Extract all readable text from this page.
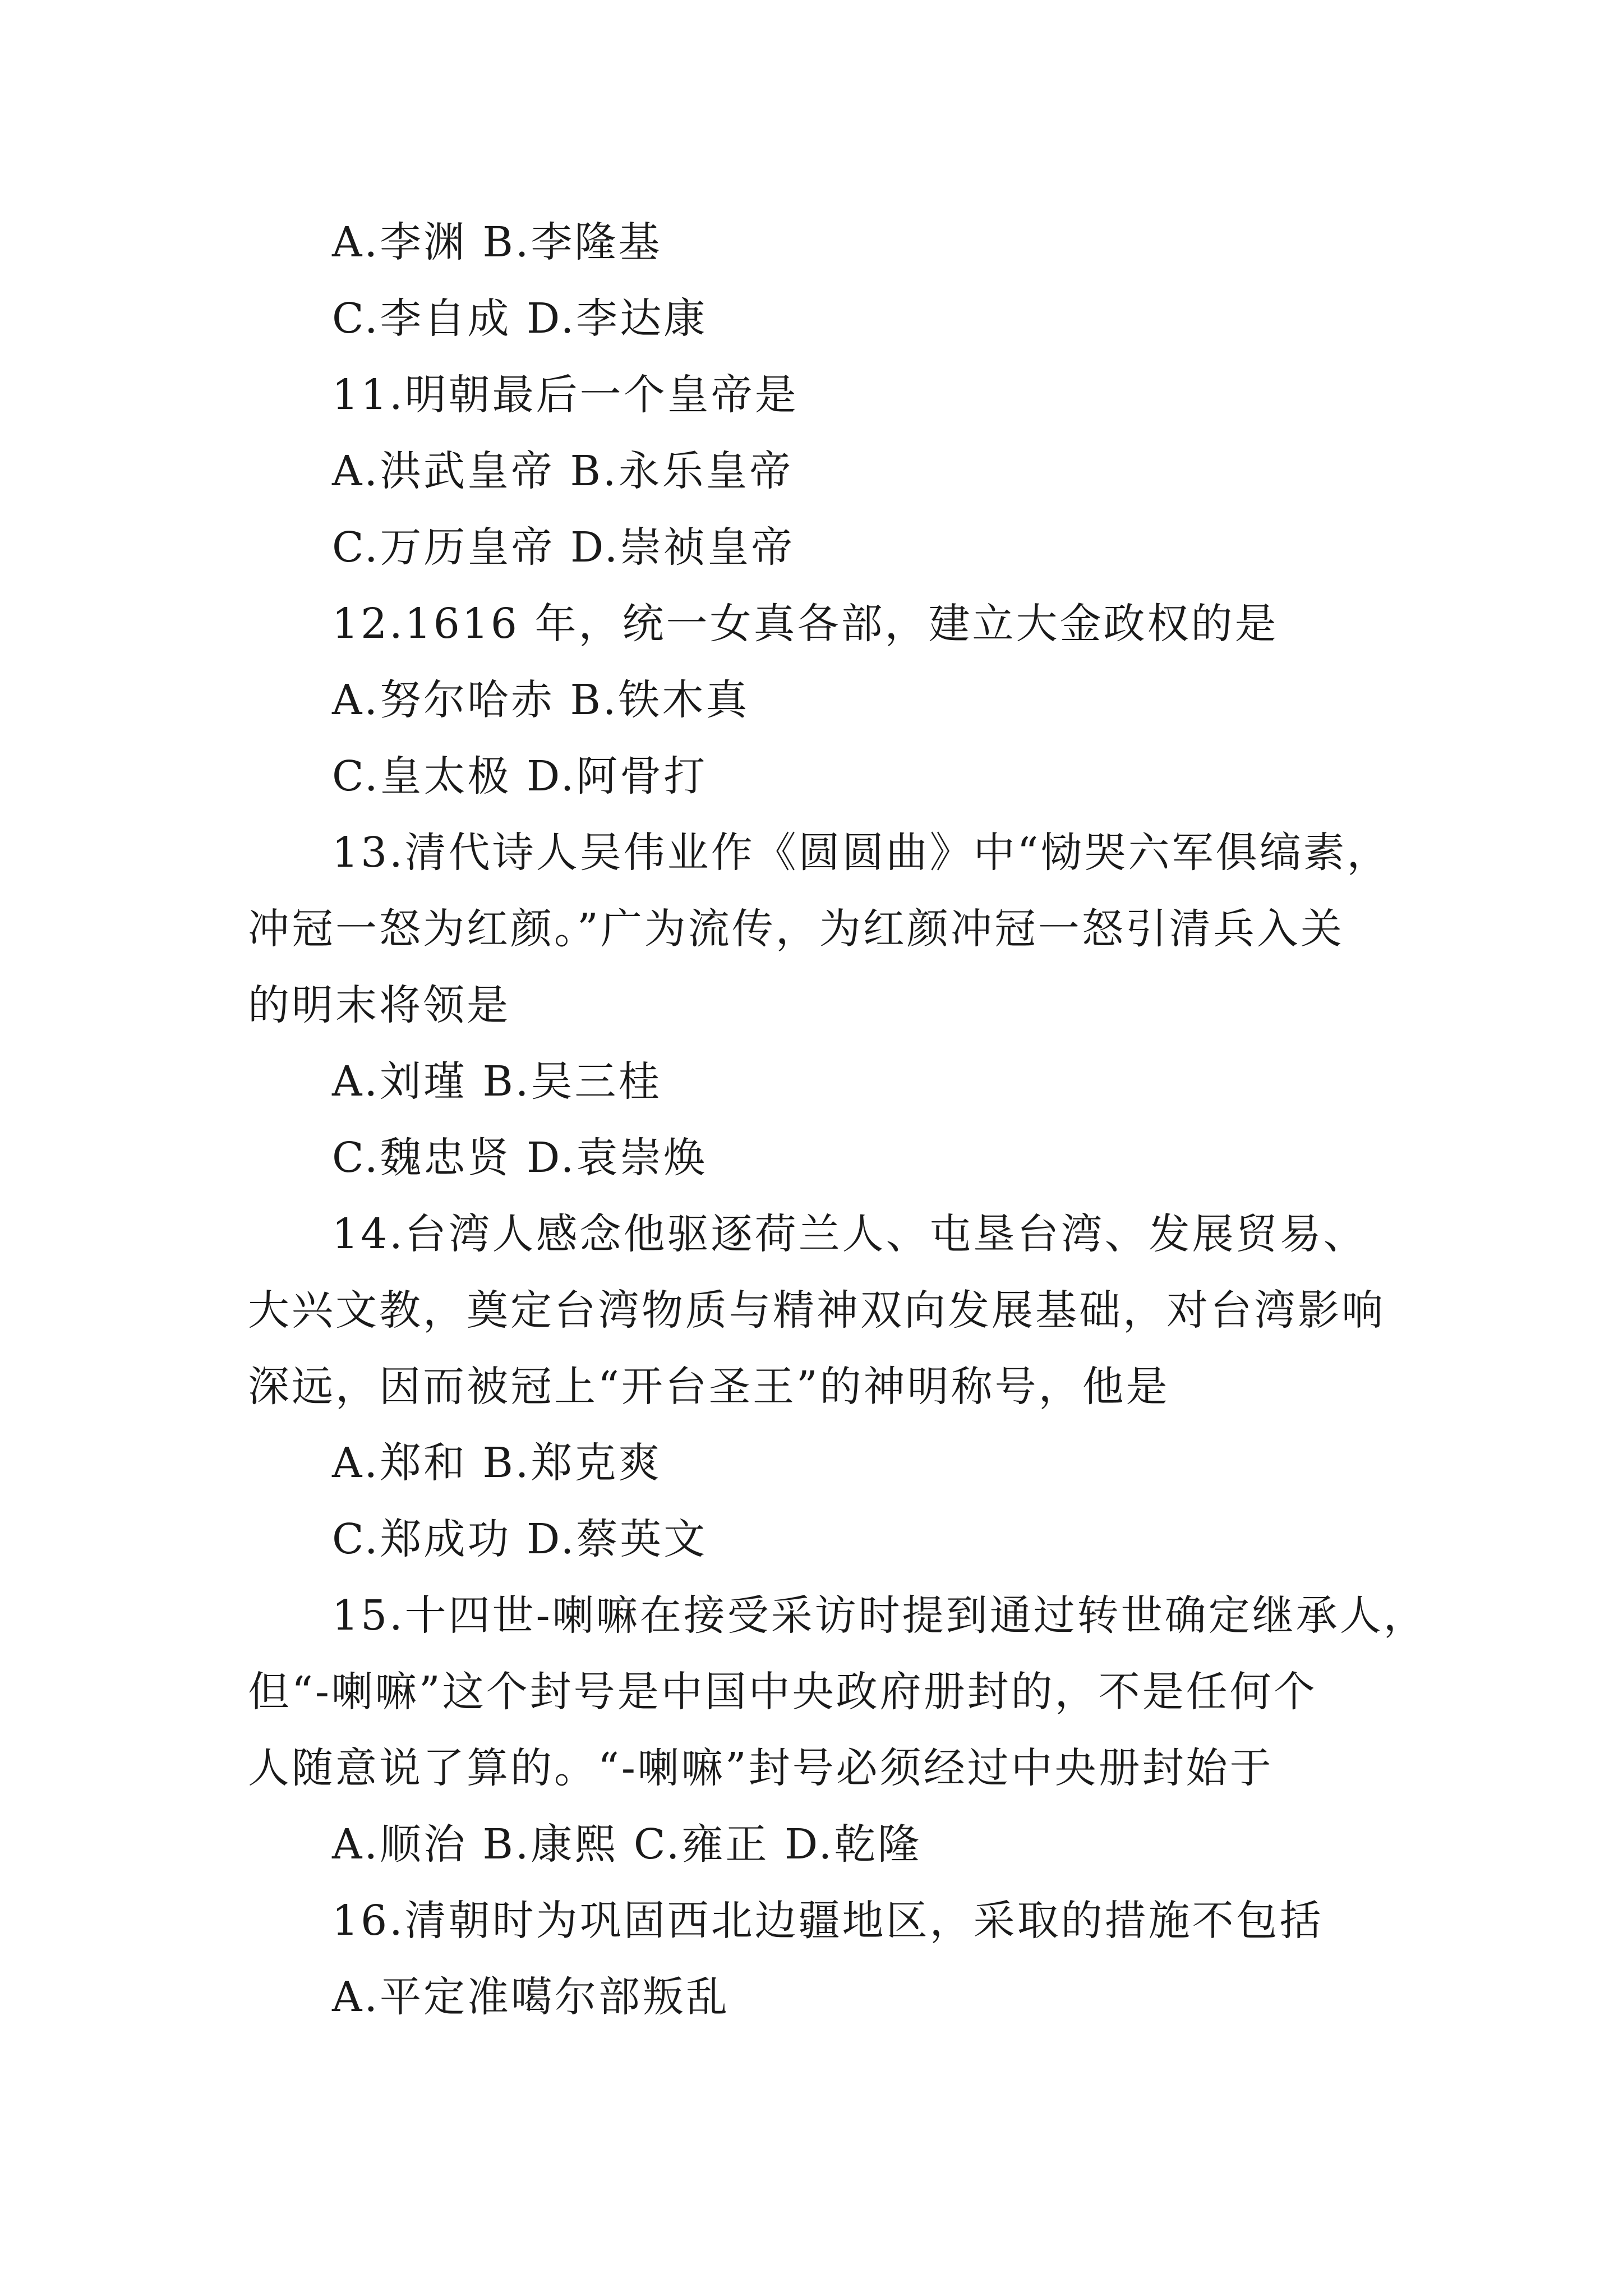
A.李渊 B.李隆基
C.李自成 D.李达康
11.明朝最后一个皇帝是
A.洪武皇帝 B.永乐皇帝
C.万历皇帝 D.崇祯皇帝
12.1616 年，统一女真各部，建立大金政权的是
A.努尔哈赤 B.铁木真
C.皇太极 D.阿骨打
13.清代诗人吴伟业作《圆圆曲》中“恸哭六军俱缟素，
冲冠一怒为红颜。”广为流传，为红颜冲冠一怒引清兵入关
的明末将领是
A.刘瑾 B.吴三桂
C.魏忠贤 D.袁崇焕
14.台湾人感念他驱逐荷兰人、屯垦台湾、发展贸易、
大兴文教，奠定台湾物质与精神双向发展基础，对台湾影响
深远，因而被冠上“开台圣王”的神明称号，他是
A.郑和 B.郑克爽
C.郑成功 D.蔡英文
15.十四世-喇嘛在接受采访时提到通过转世确定继承人，
但“-喇嘛”这个封号是中国中央政府册封的，不是任何个
人随意说了算的。“-喇嘛”封号必须经过中央册封始于
A.顺治 B.康熙 C.雍正 D.乾隆
16.清朝时为巩固西北边疆地区，采取的措施不包括
A.平定准噶尔部叛乱
